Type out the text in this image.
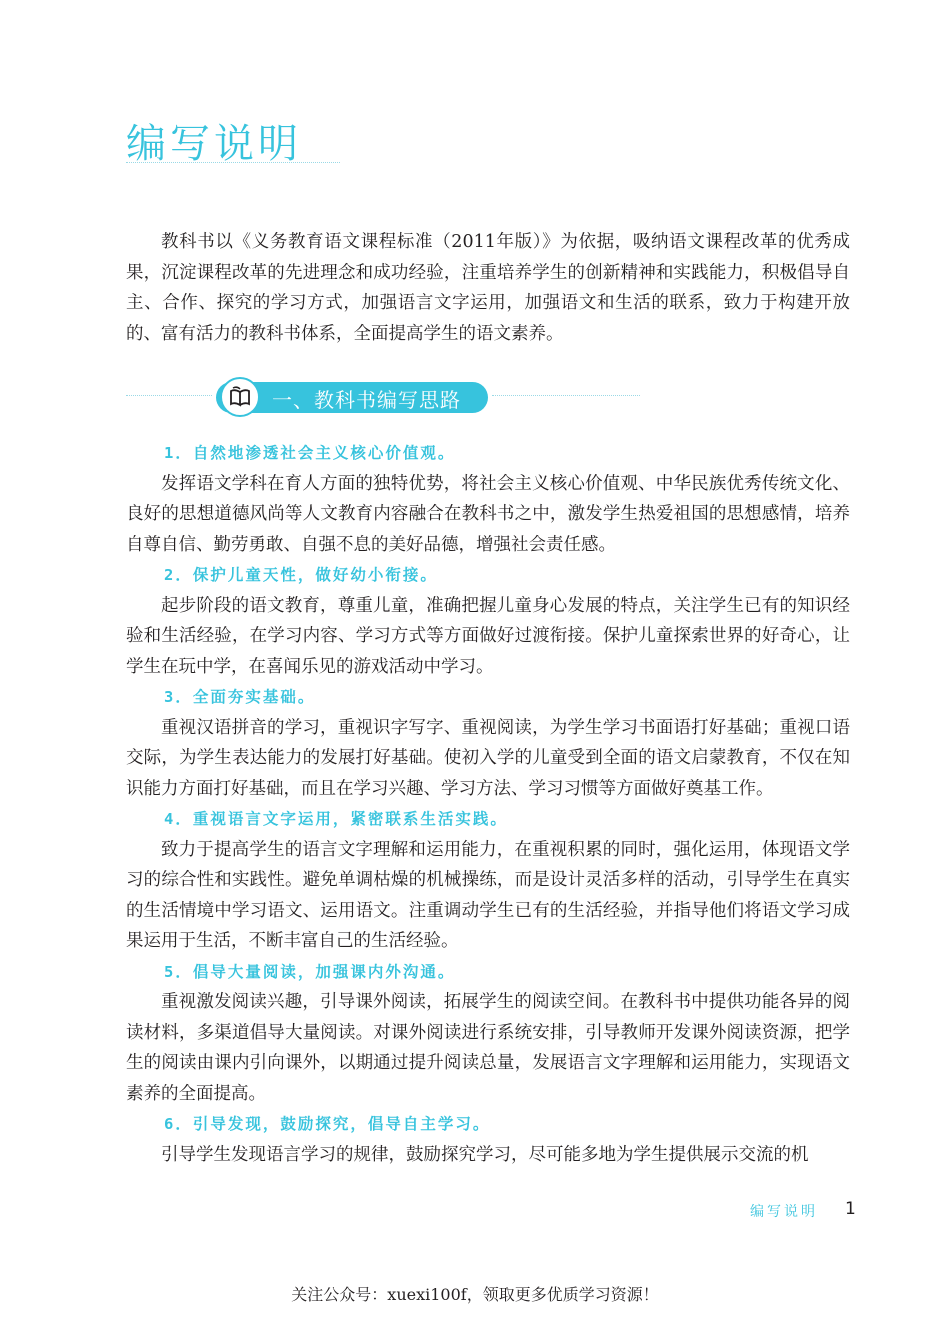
编写说明

教科书以《义务教育语文课程标准（2011年版）》为依据，吸纳语文课程改革的优秀成果，沉淀课程改革的先进理念和成功经验，注重培养学生的创新精神和实践能力，积极倡导自主、合作、探究的学习方式，加强语言文字运用，加强语文和生活的联系，致力于构建开放的、富有活力的教科书体系，全面提高学生的语文素养。

一、教科书编写思路

1．自然地渗透社会主义核心价值观。

发挥语文学科在育人方面的独特优势，将社会主义核心价值观、中华民族优秀传统文化、良好的思想道德风尚等人文教育内容融合在教科书之中，激发学生热爱祖国的思想感情，培养自尊自信、勤劳勇敢、自强不息的美好品德，增强社会责任感。

2．保护儿童天性，做好幼小衔接。

起步阶段的语文教育，尊重儿童，准确把握儿童身心发展的特点，关注学生已有的知识经验和生活经验，在学习内容、学习方式等方面做好过渡衔接。保护儿童探索世界的好奇心，让学生在玩中学，在喜闻乐见的游戏活动中学习。

3．全面夯实基础。

重视汉语拼音的学习，重视识字写字、重视阅读，为学生学习书面语打好基础；重视口语交际，为学生表达能力的发展打好基础。使初入学的儿童受到全面的语文启蒙教育，不仅在知识能力方面打好基础，而且在学习兴趣、学习方法、学习习惯等方面做好奠基工作。

4．重视语言文字运用，紧密联系生活实践。

致力于提高学生的语言文字理解和运用能力，在重视积累的同时，强化运用，体现语文学习的综合性和实践性。避免单调枯燥的机械操练，而是设计灵活多样的活动，引导学生在真实的生活情境中学习语文、运用语文。注重调动学生已有的生活经验，并指导他们将语文学习成果运用于生活，不断丰富自己的生活经验。

5．倡导大量阅读，加强课内外沟通。

重视激发阅读兴趣，引导课外阅读，拓展学生的阅读空间。在教科书中提供功能各异的阅读材料，多渠道倡导大量阅读。对课外阅读进行系统安排，引导教师开发课外阅读资源，把学生的阅读由课内引向课外，以期通过提升阅读总量，发展语言文字理解和运用能力，实现语文素养的全面提高。

6．引导发现，鼓励探究，倡导自主学习。

引导学生发现语言学习的规律，鼓励探究学习，尽可能多地为学生提供展示交流的机

编写说明 1
关注公众号：xuexi100f，领取更多优质学习资源！
